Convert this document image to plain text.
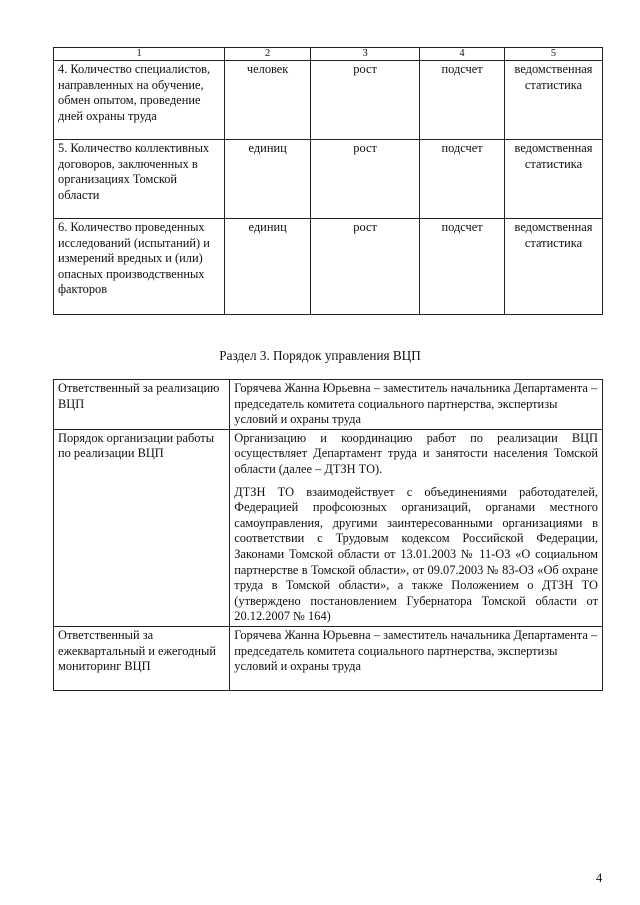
1	2	3	4	5
4. Количество специалистов, направленных на обучение, обмен опытом, проведение дней охраны труда	человек	рост	подсчет	ведомственная статистика
5. Количество коллективных договоров, заключенных в организациях Томской области	единиц	рост	подсчет	ведомственная статистика
6. Количество проведенных исследований (испытаний) и измерений вредных и (или) опасных производственных факторов	единиц	рост	подсчет	ведомственная статистика
Раздел 3. Порядок управления ВЦП
Ответственный за реализацию ВЦП	Горячева Жанна Юрьевна – заместитель начальника Департамента – председатель комитета социального партнерства, экспертизы условий и охраны труда

Порядок организации работы по реализации ВЦП	Организацию и координацию работ по реализации ВЦП осуществляет Департамент труда и занятости населения Томской области (далее – ДТЗН ТО).
ДТЗН ТО взаимодействует с объединениями работодателей, Федерацией профсоюзных организаций, органами местного самоуправления, другими заинтересованными организациями в соответствии с Трудовым кодексом Российской Федерации, Законами Томской области от 13.01.2003 № 11-ОЗ «О социальном партнерстве в Томской области», от 09.07.2003 № 83-ОЗ «Об охране труда в Томской области», а также Положением о ДТЗН ТО (утверждено постановлением Губернатора Томской области от 20.12.2007 № 164)

Ответственный за ежеквартальный и ежегодный мониторинг ВЦП	Горячева Жанна Юрьевна – заместитель начальника Департамента – председатель комитета социального партнерства, экспертизы условий и охраны труда
4
